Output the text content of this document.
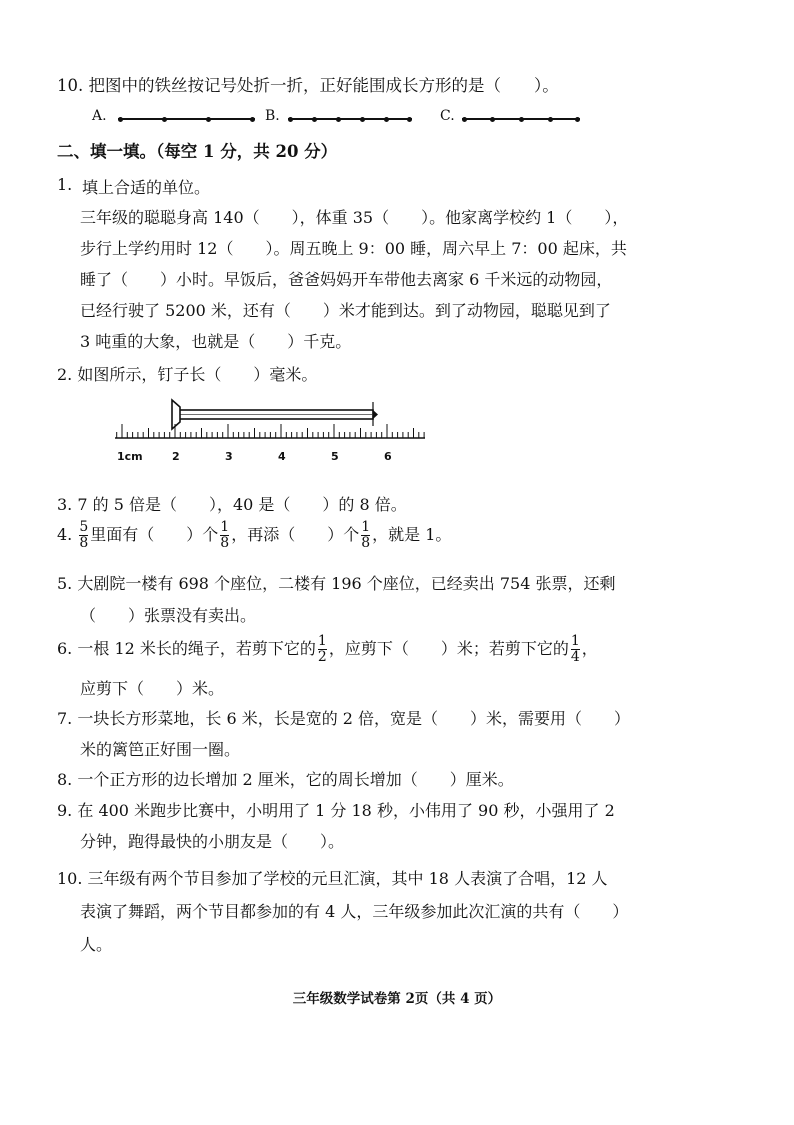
10. 把图中的铁丝按记号处折一折，正好能围成长方形的是（　　）。
A.	B.	C.
二、填一填。（每空 1 分，共 20 分）
1. 填上合适的单位。
三年级的聪聪身高 140（　　），体重 35（　　）。他家离学校约 1（　　），
步行上学约用时 12（　　）。周五晚上 9：00 睡，周六早上 7：00 起床，共
睡了（　　）小时。早饭后，爸爸妈妈开车带他去离家 6 千米远的动物园，
已经行驶了 5200 米，还有（　　）米才能到达。到了动物园，聪聪见到了
3 吨重的大象，也就是（　　）千克。
2. 如图所示，钉子长（　　）毫米。
1cm	2	3	4	5	6
3. 7 的 5 倍是（　　），40 是（　　）的 8 倍。
4. $\frac{5}{8}$ 里面有（　　）个 $\frac{1}{8}$ ，再添（　　）个 $\frac{1}{8}$ ，就是 1。
5. 大剧院一楼有 698 个座位，二楼有 196 个座位，已经卖出 754 张票，还剩
（　　）张票没有卖出。
6. 一根 12 米长的绳子，若剪下它的 $\frac{1}{2}$ ，应剪下（　　）米；若剪下它的 $\frac{1}{4}$ ，
应剪下（　　）米。
7. 一块长方形菜地，长 6 米，长是宽的 2 倍，宽是（　　）米，需要用（　　）
米的篱笆正好围一圈。
8. 一个正方形的边长增加 2 厘米，它的周长增加（　　）厘米。
9. 在 400 米跑步比赛中，小明用了 1 分 18 秒，小伟用了 90 秒，小强用了 2
分钟，跑得最快的小朋友是（　　）。
10. 三年级有两个节目参加了学校的元旦汇演，其中 18 人表演了合唱，12 人
表演了舞蹈，两个节目都参加的有 4 人，三年级参加此次汇演的共有（　　）
人。
三年级数学试卷第 2页（共 4 页）
